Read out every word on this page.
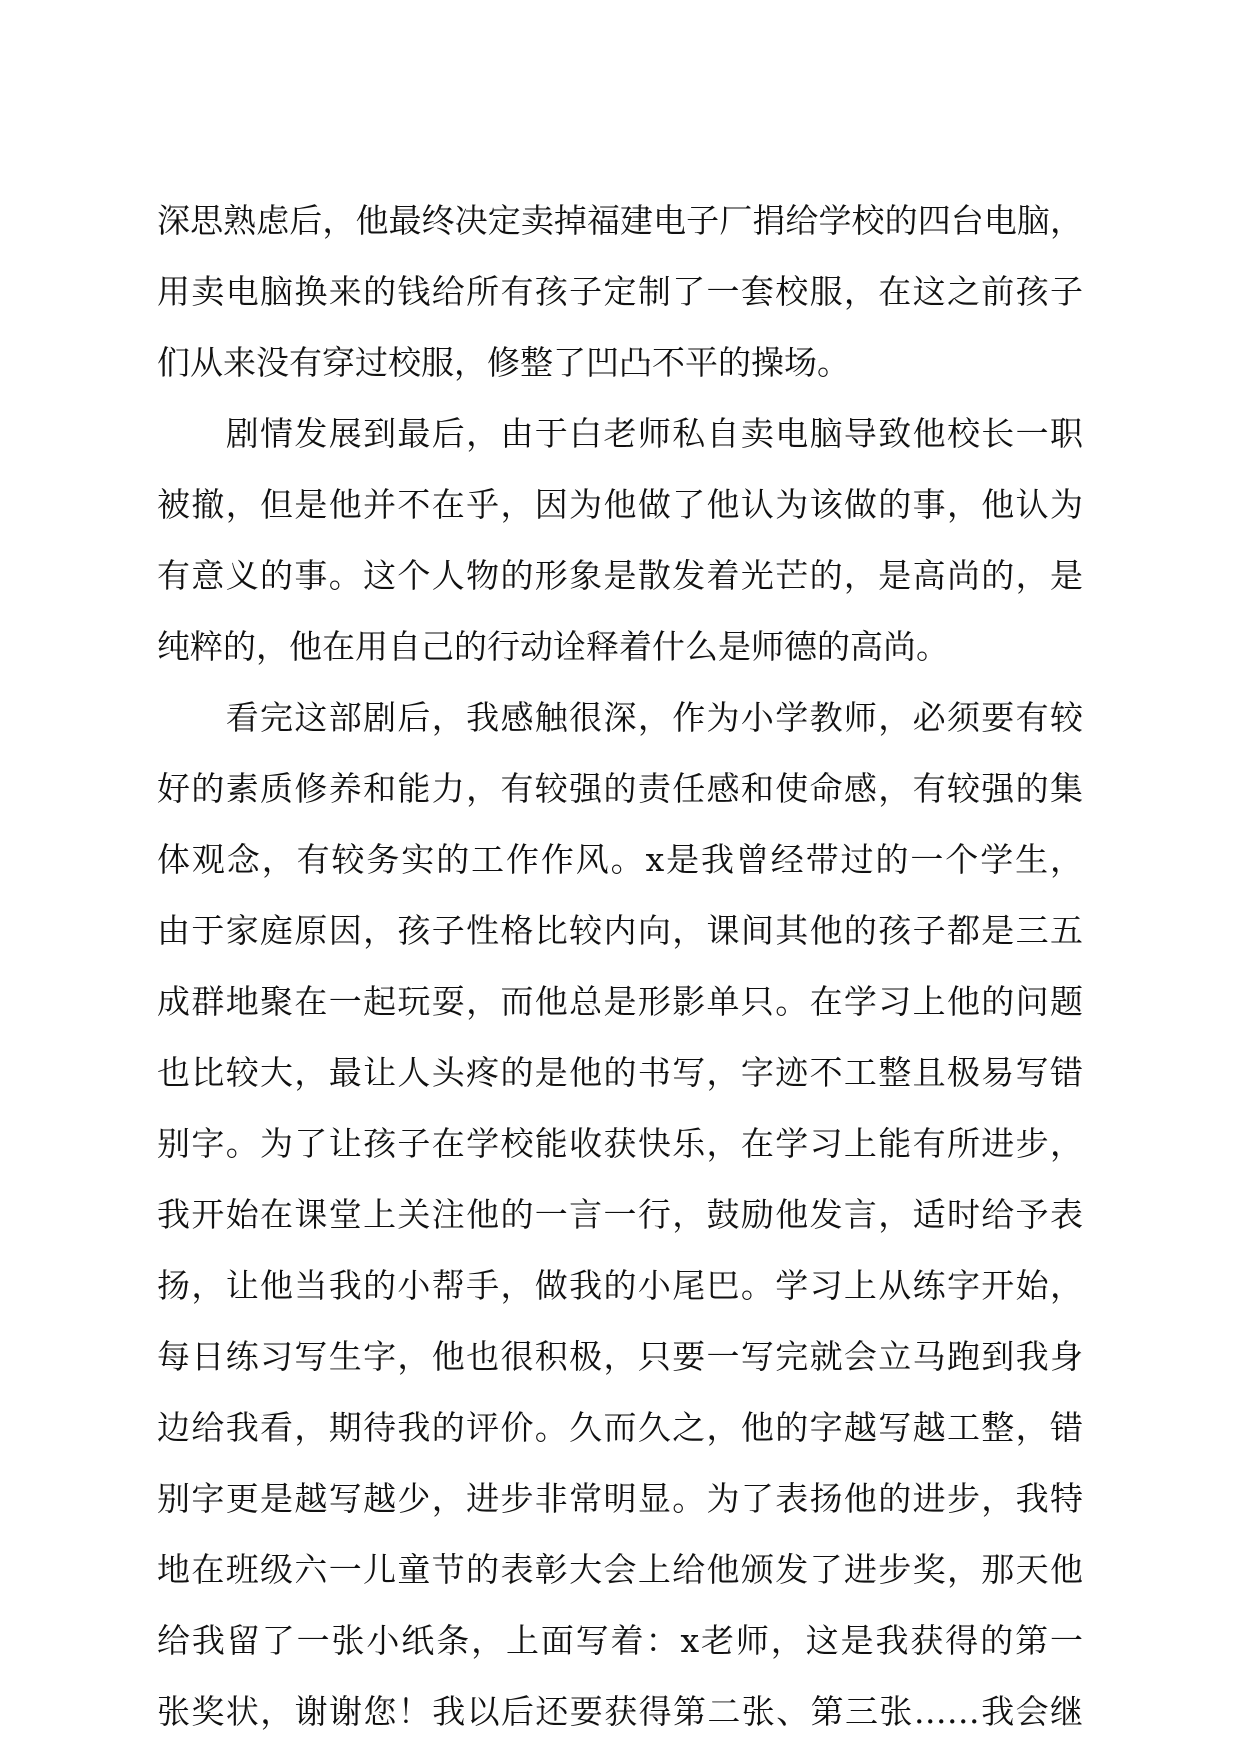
深思熟虑后，他最终决定卖掉福建电子厂捐给学校的四台电脑，
用卖电脑换来的钱给所有孩子定制了一套校服，在这之前孩子
们从来没有穿过校服，修整了凹凸不平的操场。
　　剧情发展到最后，由于白老师私自卖电脑导致他校长一职
被撤，但是他并不在乎，因为他做了他认为该做的事，他认为
有意义的事。这个人物的形象是散发着光芒的，是高尚的，是
纯粹的，他在用自己的行动诠释着什么是师德的高尚。
　　看完这部剧后，我感触很深，作为小学教师，必须要有较
好的素质修养和能力，有较强的责任感和使命感，有较强的集
体观念，有较务实的工作作风。x是我曾经带过的一个学生，
由于家庭原因，孩子性格比较内向，课间其他的孩子都是三五
成群地聚在一起玩耍，而他总是形影单只。在学习上他的问题
也比较大，最让人头疼的是他的书写，字迹不工整且极易写错
别字。为了让孩子在学校能收获快乐，在学习上能有所进步，
我开始在课堂上关注他的一言一行，鼓励他发言，适时给予表
扬，让他当我的小帮手，做我的小尾巴。学习上从练字开始，
每日练习写生字，他也很积极，只要一写完就会立马跑到我身
边给我看，期待我的评价。久而久之，他的字越写越工整，错
别字更是越写越少，进步非常明显。为了表扬他的进步，我特
地在班级六一儿童节的表彰大会上给他颁发了进步奖，那天他
给我留了一张小纸条，上面写着：x老师，这是我获得的第一
张奖状，谢谢您！我以后还要获得第二张、第三张……我会继
